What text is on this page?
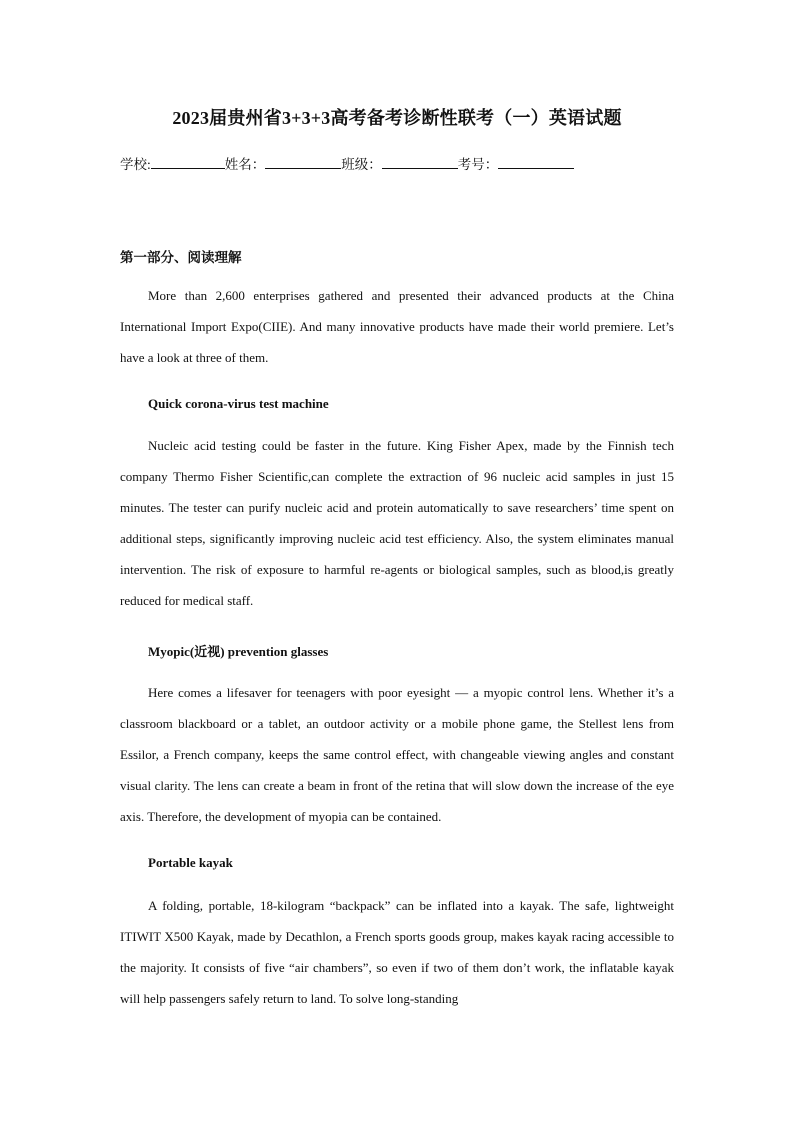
2023届贵州省3+3+3高考备考诊断性联考（一）英语试题
学校:	姓名：	班级：	考号：
第一部分、阅读理解

More than 2,600 enterprises gathered and presented their advanced products at the China International Import Expo(CIIE). And many innovative products have made their world premiere. Let’s have a look at three of them.

Quick corona-virus test machine

Nucleic acid testing could be faster in the future. King Fisher Apex, made by the Finnish tech company Thermo Fisher Scientific,can complete the extraction of 96 nucleic acid samples in just 15 minutes. The tester can purify nucleic acid and protein automatically to save researchers’ time spent on additional steps, significantly improving nucleic acid test efficiency. Also, the system eliminates manual intervention. The risk of exposure to harmful re-agents or biological samples, such as blood,is greatly reduced for medical staff.

Myopic(近视) prevention glasses

Here comes a lifesaver for teenagers with poor eyesight — a myopic control lens. Whether it’s a classroom blackboard or a tablet, an outdoor activity or a mobile phone game, the Stellest lens from Essilor, a French company, keeps the same control effect, with changeable viewing angles and constant visual clarity. The lens can create a beam in front of the retina that will slow down the increase of the eye axis. Therefore, the development of myopia can be contained.

Portable kayak

A folding, portable, 18-kilogram “backpack” can be inflated into a kayak. The safe, lightweight ITIWIT X500 Kayak, made by Decathlon, a French sports goods group, makes kayak racing accessible to the majority. It consists of five “air chambers”, so even if two of them don’t work, the inflatable kayak will help passengers safely return to land. To solve long-standing
